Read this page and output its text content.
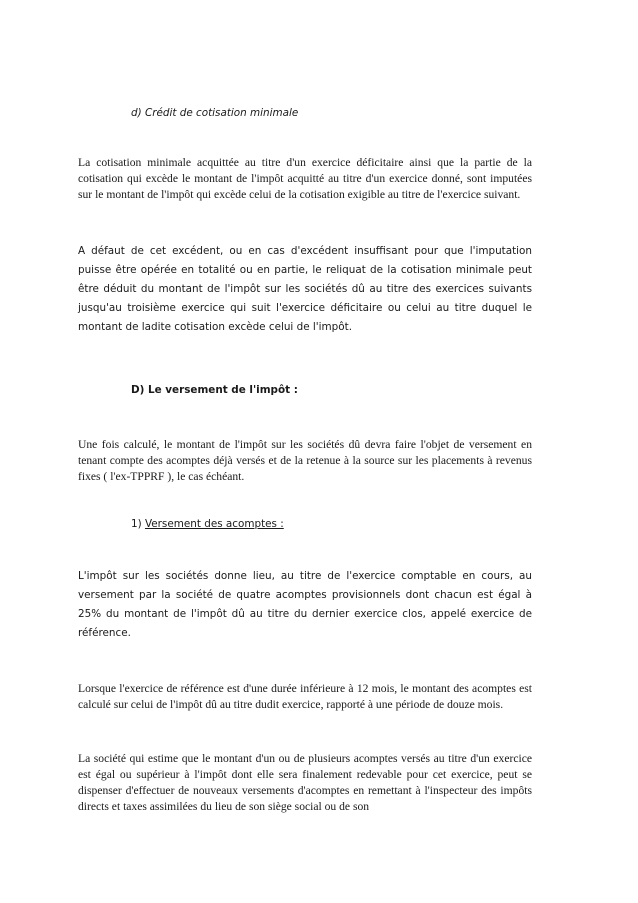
d) Crédit de cotisation minimale
La cotisation minimale acquittée au titre d'un exercice déficitaire ainsi que la partie de la cotisation qui excède le montant de l'impôt acquitté au titre d'un exercice donné, sont imputées sur le montant de l'impôt qui excède celui de la cotisation exigible au titre de l'exercice suivant.
A défaut de cet excédent, ou en cas d'excédent insuffisant pour que l'imputation puisse être opérée en totalité ou en partie, le reliquat de la cotisation minimale peut être déduit du montant de l'impôt sur les sociétés dû au titre des exercices suivants jusqu'au troisième exercice qui suit l'exercice déficitaire ou celui au titre duquel le montant de ladite cotisation excède celui de l'impôt.
D) Le versement de l'impôt :
Une fois calculé, le montant de l'impôt sur les sociétés dû devra faire l'objet de versement en tenant compte des acomptes déjà versés et de la retenue à la source sur les placements à revenus fixes ( l'ex-TPPRF ), le cas échéant.
1) Versement des acomptes :
L'impôt sur les sociétés donne lieu, au titre de l'exercice comptable en cours, au versement par la société de quatre acomptes provisionnels dont chacun est égal à 25% du montant de l'impôt dû au titre du dernier exercice clos, appelé exercice de référence.
Lorsque l'exercice de référence est d'une durée inférieure à 12 mois, le montant des acomptes est calculé sur celui de l'impôt dû au titre dudit exercice, rapporté à une période de douze mois.
La société qui estime que le montant d'un ou de plusieurs acomptes versés au titre d'un exercice est égal ou supérieur à l'impôt dont elle sera finalement redevable pour cet exercice, peut se dispenser d'effectuer de nouveaux versements d'acomptes en remettant à l'inspecteur des impôts directs et taxes assimilées du lieu de son siège social ou de son
